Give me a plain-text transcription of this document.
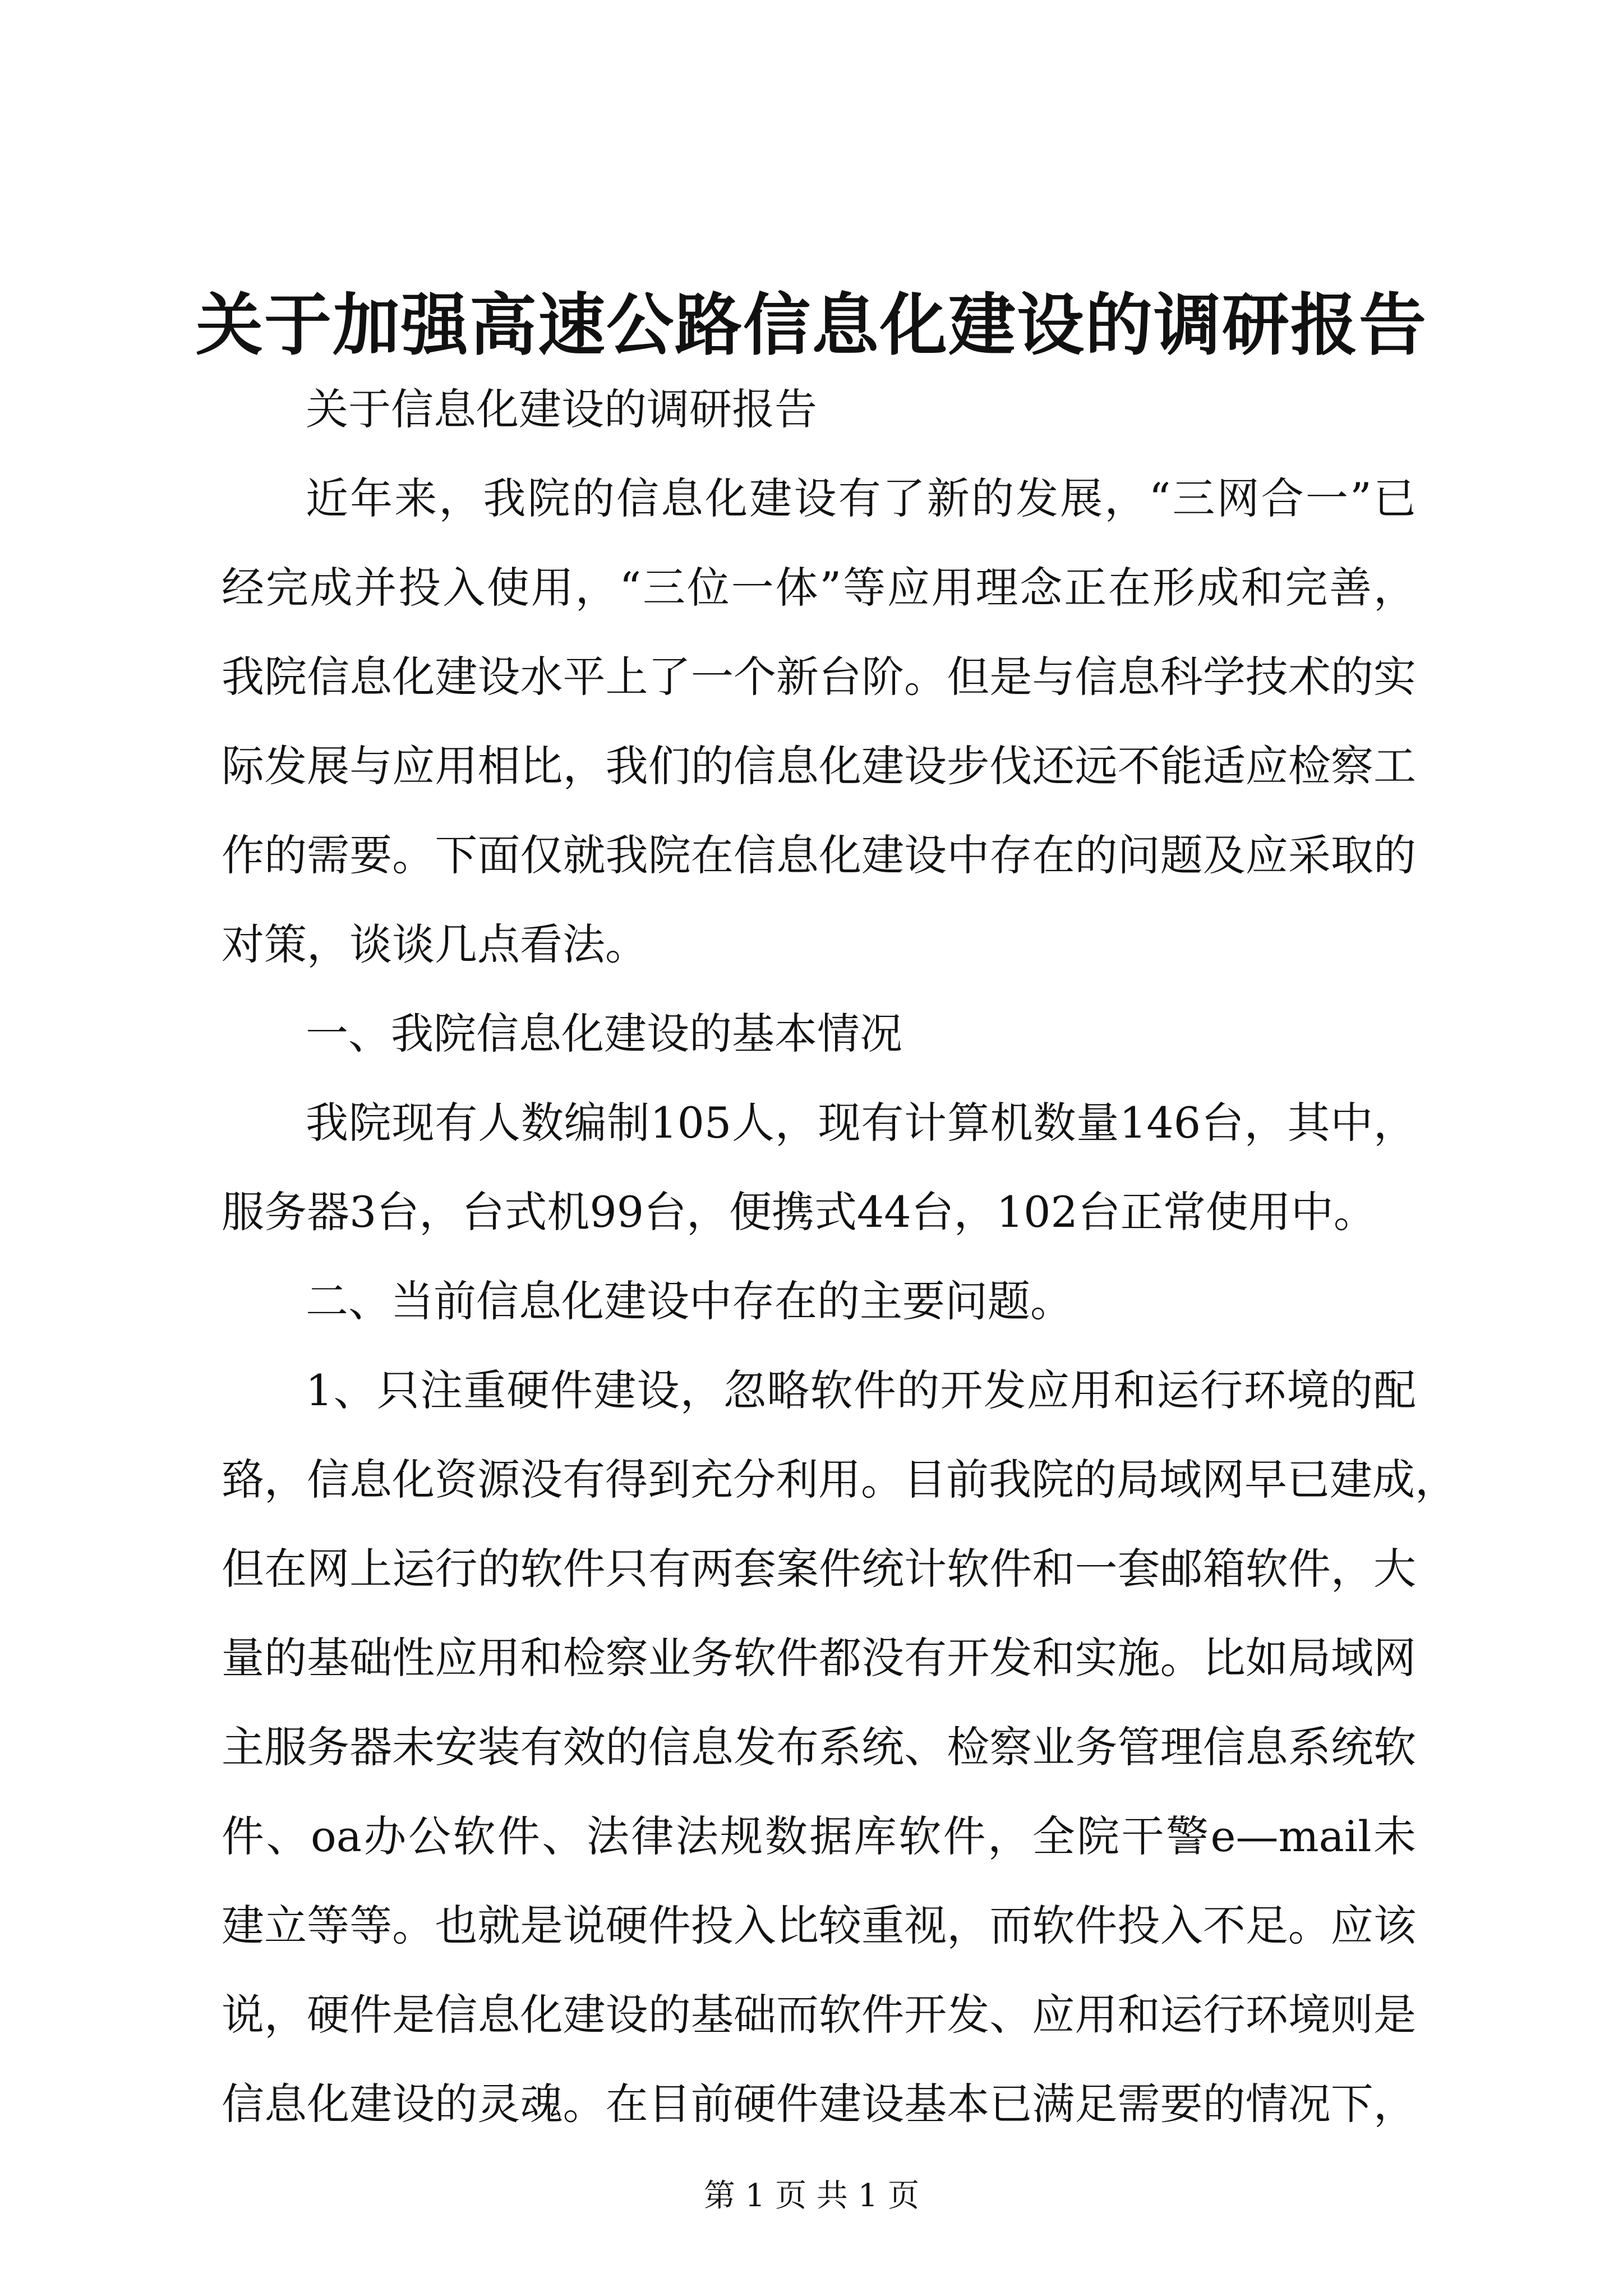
关于加强高速公路信息化建设的调研报告
关于信息化建设的调研报告
近年来，我院的信息化建设有了新的发展，“三网合一”已
经完成并投入使用，“三位一体”等应用理念正在形成和完善，
我院信息化建设水平上了一个新台阶。但是与信息科学技术的实
际发展与应用相比，我们的信息化建设步伐还远不能适应检察工
作的需要。下面仅就我院在信息化建设中存在的问题及应采取的
对策，谈谈几点看法。
一、我院信息化建设的基本情况
我院现有人数编制105人，现有计算机数量146台，其中，
服务器3台，台式机99台，便携式44台，102台正常使用中。
二、当前信息化建设中存在的主要问题。
1、只注重硬件建设，忽略软件的开发应用和运行环境的配
臵，信息化资源没有得到充分利用。目前我院的局域网早已建成，
但在网上运行的软件只有两套案件统计软件和一套邮箱软件，大
量的基础性应用和检察业务软件都没有开发和实施。比如局域网
主服务器未安装有效的信息发布系统、检察业务管理信息系统软
件、oa办公软件、法律法规数据库软件，全院干警e—mail未
建立等等。也就是说硬件投入比较重视，而软件投入不足。应该
说，硬件是信息化建设的基础而软件开发、应用和运行环境则是
信息化建设的灵魂。在目前硬件建设基本已满足需要的情况下，
第 1 页 共 1 页
